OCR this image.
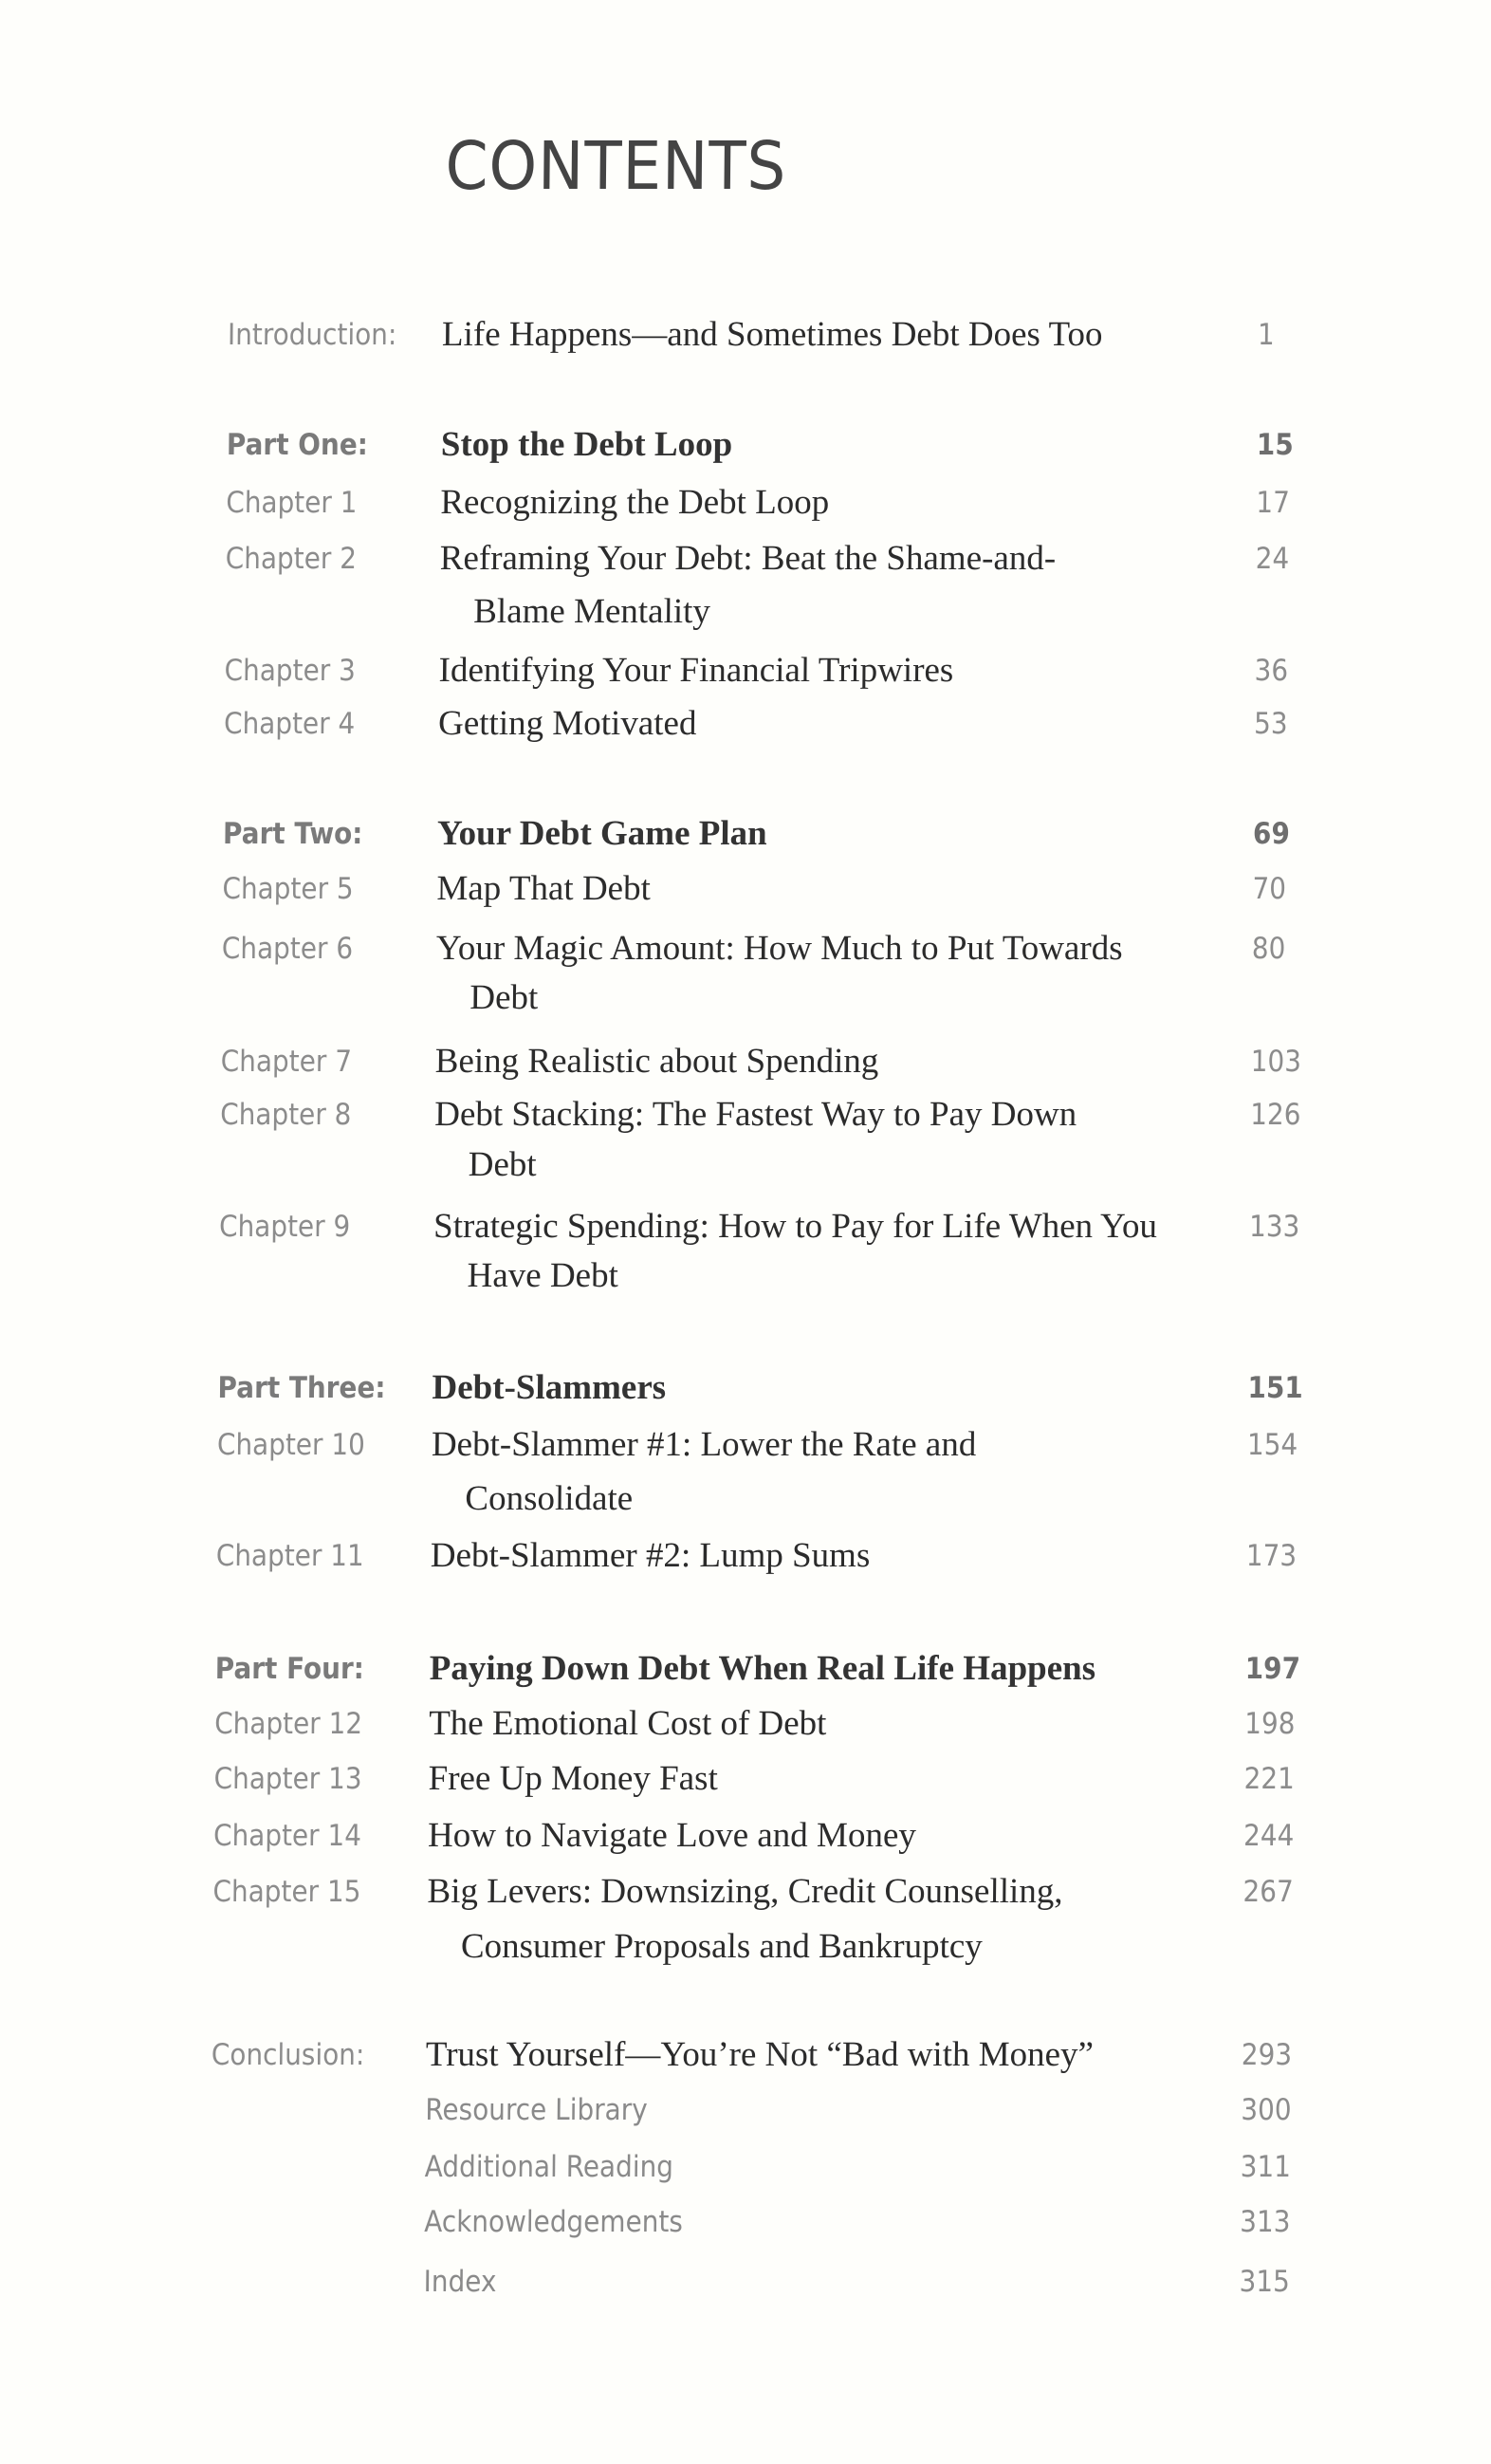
CONTENTS
Introduction: Life Happens—and Sometimes Debt Does Too	1
Part One: Stop the Debt Loop	15
Chapter 1 Recognizing the Debt Loop	17
Chapter 2 Reframing Your Debt: Beat the Shame-and-	24
Blame Mentality
Chapter 3 Identifying Your Financial Tripwires	36
Chapter 4 Getting Motivated	53
Part Two: Your Debt Game Plan	69
Chapter 5 Map That Debt	70
Chapter 6 Your Magic Amount: How Much to Put Towards	80
Debt
Chapter 7 Being Realistic about Spending	103
Chapter 8 Debt Stacking: The Fastest Way to Pay Down	126
Debt
Chapter 9 Strategic Spending: How to Pay for Life When You	133
Have Debt
Part Three: Debt-Slammers	151
Chapter 10 Debt-Slammer #1: Lower the Rate and	154
Consolidate
Chapter 11 Debt-Slammer #2: Lump Sums	173
Part Four: Paying Down Debt When Real Life Happens	197
Chapter 12 The Emotional Cost of Debt	198
Chapter 13 Free Up Money Fast	221
Chapter 14 How to Navigate Love and Money	244
Chapter 15 Big Levers: Downsizing, Credit Counselling,	267
Consumer Proposals and Bankruptcy
Conclusion: Trust Yourself—You’re Not “Bad with Money”	293
Resource Library	300
Additional Reading	311
Acknowledgements	313
Index	315
